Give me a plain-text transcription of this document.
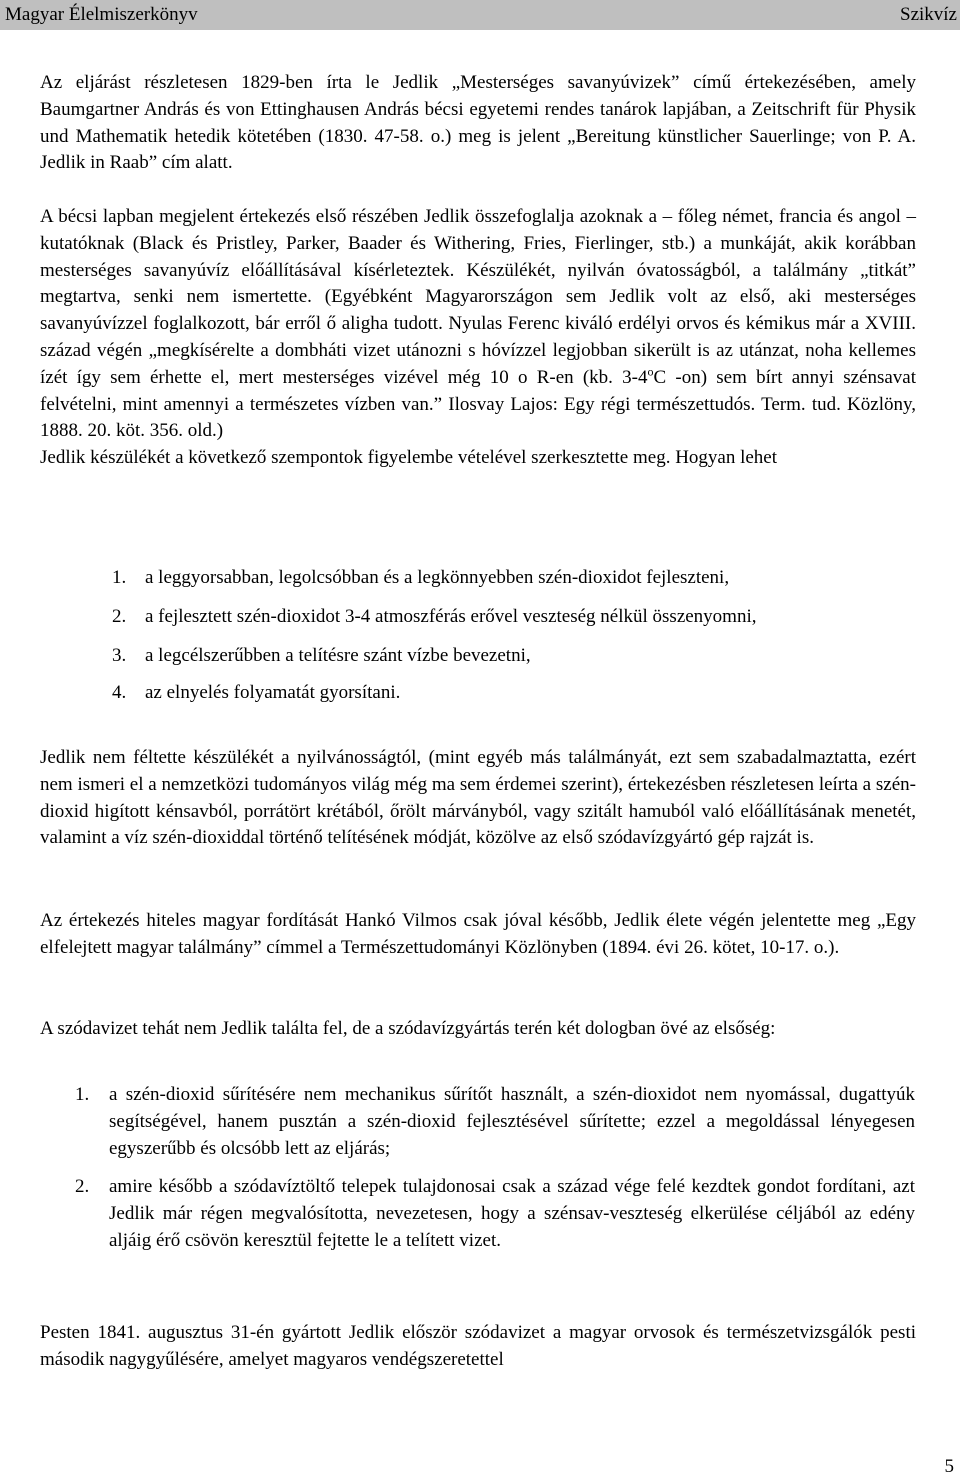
Magyar Élelmiszerkönyv	Szikvíz

Az eljárást részletesen 1829-ben írta le Jedlik „Mesterséges savanyúvizek” című értekezésében, amely Baumgartner András és von Ettinghausen András bécsi egyetemi rendes tanárok lapjában, a Zeitschrift für Physik und Mathematik hetedik kötetében (1830. 47-58. o.) meg is jelent „Bereitung künstlicher Sauerlinge; von P. A. Jedlik in Raab” cím alatt.

A bécsi lapban megjelent értekezés első részében Jedlik összefoglalja azoknak a – főleg német, francia és angol – kutatóknak (Black és Pristley, Parker, Baader és Withering, Fries, Fierlinger, stb.) a munkáját, akik korábban mesterséges savanyúvíz előállításával kísérleteztek. Készülékét, nyilván óvatosságból, a találmány „titkát” megtartva, senki nem ismertette. (Egyébként Magyarországon sem Jedlik volt az első, aki mesterséges savanyúvízzel foglalkozott, bár erről ő aligha tudott. Nyulas Ferenc kiváló erdélyi orvos és kémikus már a XVIII. század végén „megkísérelte a dombháti vizet utánozni s hóvízzel legjobban sikerült is az utánzat, noha kellemes ízét így sem érhette el, mert mesterséges vizével még 10 o R-en (kb. 3-4$^o$C -on) sem bírt annyi szénsavat felvételni, mint amennyi a természetes vízben van.” Ilosvay Lajos: Egy régi természettudós. Term. tud. Közlöny, 1888. 20. köt. 356. old.)
Jedlik készülékét a következő szempontok figyelembe vételével szerkesztette meg. Hogyan lehet
1. a leggyorsabban, legolcsóbban és a legkönnyebben szén-dioxidot fejleszteni,
2. a fejlesztett szén-dioxidot 3-4 atmoszférás erővel veszteség nélkül összenyomni,
3. a legcélszerűbben a telítésre szánt vízbe bevezetni,
4. az elnyelés folyamatát gyorsítani.

Jedlik nem féltette készülékét a nyilvánosságtól, (mint egyéb más találmányát, ezt sem szabadalmaztatta, ezért nem ismeri el a nemzetközi tudományos világ még ma sem érdemei szerint), értekezésben részletesen leírta a szén-dioxid higított kénsavból, porrátört krétából, őrölt márványból, vagy szitált hamuból való előállításának menetét, valamint a víz szén-dioxiddal történő telítésének módját, közölve az első szódavízgyártó gép rajzát is.

Az értekezés hiteles magyar fordítását Hankó Vilmos csak jóval később, Jedlik élete végén jelentette meg „Egy elfelejtett magyar találmány” címmel a Természettudományi Közlönyben (1894. évi 26. kötet, 10-17. o.).

A szódavizet tehát nem Jedlik találta fel, de a szódavízgyártás terén két dologban övé az elsőség:

1. a szén-dioxid sűrítésére nem mechanikus sűrítőt használt, a szén-dioxidot nem nyomással, dugattyúk segítségével, hanem pusztán a szén-dioxid fejlesztésével sűrítette; ezzel a megoldással lényegesen egyszerűbb és olcsóbb lett az eljárás;
2. amire később a szódavíztöltő telepek tulajdonosai csak a század vége felé kezdtek gondot fordítani, azt Jedlik már régen megvalósította, nevezetesen, hogy a szénsav-veszteség elkerülése céljából az edény aljáig érő csövön keresztül fejtette le a telített vizet.

Pesten 1841. augusztus 31-én gyártott Jedlik először szódavizet a magyar orvosok és természetvizsgálók pesti második nagygyűlésére, amelyet magyaros vendégszeretettel

5
